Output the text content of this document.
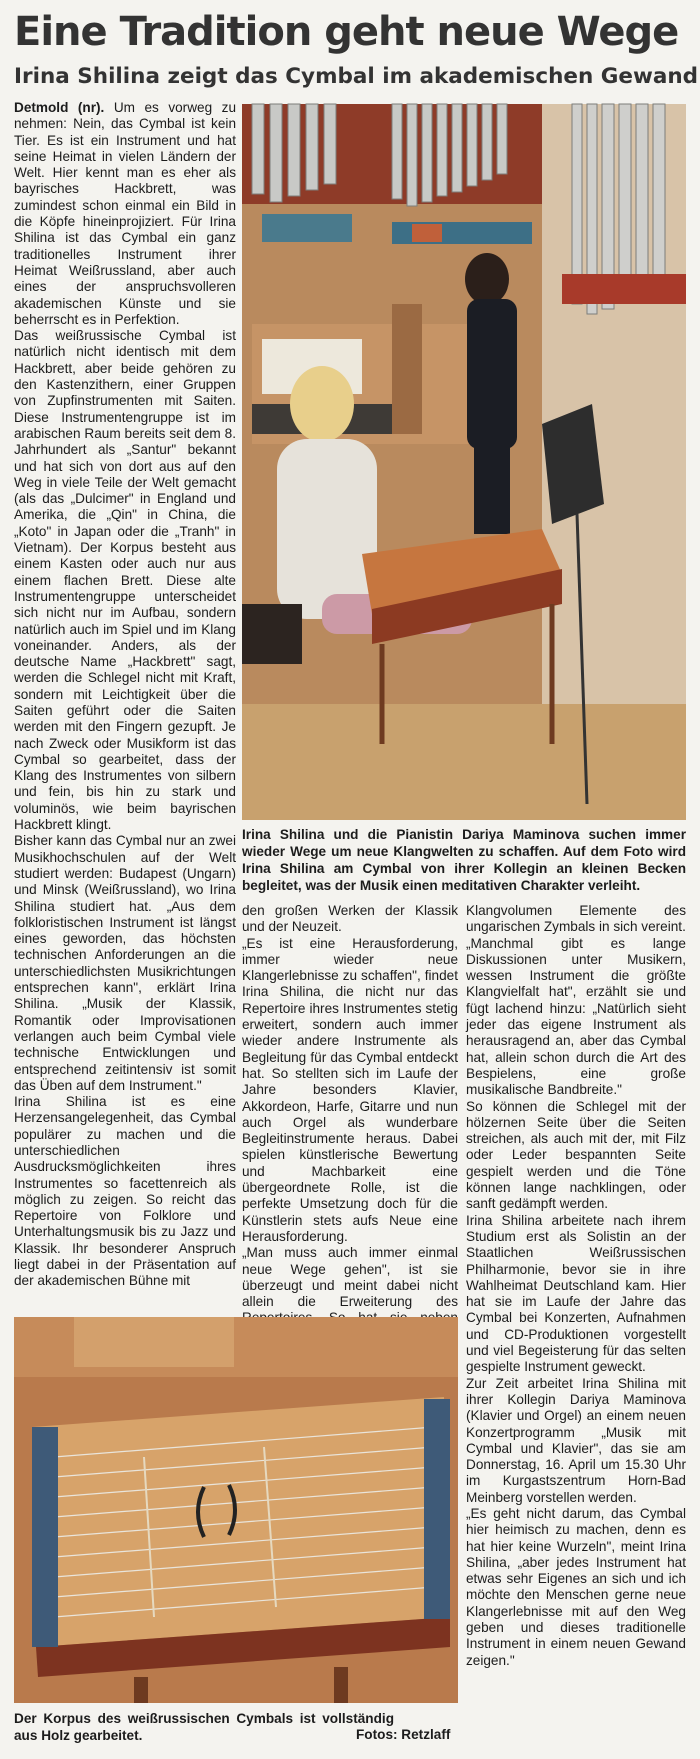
Eine Tradition geht neue Wege
Irina Shilina zeigt das Cymbal im akademischen Gewand

Detmold (nr). Um es vorweg zu nehmen: Nein, das Cymbal ist kein Tier. Es ist ein Instrument und hat seine Heimat in vielen Ländern der Welt. Hier kennt man es eher als bayrisches Hackbrett, was zumindest schon einmal ein Bild in die Köpfe hineinprojiziert. Für Irina Shilina ist das Cymbal ein ganz traditionelles Instrument ihrer Heimat Weißrussland, aber auch eines der anspruchsvolleren akademischen Künste und sie beherrscht es in Perfektion.

Das weißrussische Cymbal ist natürlich nicht identisch mit dem Hackbrett, aber beide gehören zu den Kastenzithern, einer Gruppen von Zupfinstrumenten mit Saiten. Diese Instrumentengruppe ist im arabischen Raum bereits seit dem 8. Jahrhundert als „Santur" bekannt und hat sich von dort aus auf den Weg in viele Teile der Welt gemacht (als das „Dulcimer" in England und Amerika, die „Qin" in China, die „Koto" in Japan oder die „Tranh" in Vietnam). Der Korpus besteht aus einem Kasten oder auch nur aus einem flachen Brett. Diese alte Instrumentengruppe unterscheidet sich nicht nur im Aufbau, sondern natürlich auch im Spiel und im Klang voneinander. Anders, als der deutsche Name „Hackbrett" sagt, werden die Schlegel nicht mit Kraft, sondern mit Leichtigkeit über die Saiten geführt oder die Saiten werden mit den Fingern gezupft. Je nach Zweck oder Musikform ist das Cymbal so gearbeitet, dass der Klang des Instrumentes von silbern und fein, bis hin zu stark und voluminös, wie beim bayrischen Hackbrett klingt.

Bisher kann das Cymbal nur an zwei Musikhochschulen auf der Welt studiert werden: Budapest (Ungarn) und Minsk (Weißrussland), wo Irina Shilina studiert hat. „Aus dem folkloristischen Instrument ist längst eines geworden, das höchsten technischen Anforderungen an die unterschiedlichsten Musikrichtungen entsprechen kann", erklärt Irina Shilina. „Musik der Klassik, Romantik oder Improvisationen verlangen auch beim Cymbal viele technische Entwicklungen und entsprechend zeitintensiv ist somit das Üben auf dem Instrument."

Irina Shilina ist es eine Herzensangelegenheit, das Cymbal populärer zu machen und die unterschiedlichen Ausdrucksmöglichkeiten ihres Instrumentes so facettenreich als möglich zu zeigen. So reicht das Repertoire von Folklore und Unterhaltungsmusik bis zu Jazz und Klassik. Ihr besonderer Anspruch liegt dabei in der Präsentation auf der akademischen Bühne mit

Irina Shilina und die Pianistin Dariya Maminova suchen immer wieder Wege um neue Klangwelten zu schaffen. Auf dem Foto wird Irina Shilina am Cymbal von ihrer Kollegin an kleinen Becken begleitet, was der Musik einen meditativen Charakter verleiht.

den großen Werken der Klassik und der Neuzeit.

„Es ist eine Herausforderung, immer wieder neue Klangerlebnisse zu schaffen", findet Irina Shilina, die nicht nur das Repertoire ihres Instrumentes stetig erweitert, sondern auch immer wieder andere Instrumente als Begleitung für das Cymbal entdeckt hat. So stellten sich im Laufe der Jahre besonders Klavier, Akkordeon, Harfe, Gitarre und nun auch Orgel als wunderbare Begleitinstrumente heraus. Dabei spielen künstlerische Bewertung und Machbarkeit eine übergeordnete Rolle, ist die perfekte Umsetzung doch für die Künstlerin stets aufs Neue eine Herausforderung.

„Man muss auch immer einmal neue Wege gehen", ist sie überzeugt und meint dabei nicht allein die Erweiterung des

Klangvolumen Elemente des ungarischen Zymbals in sich vereint.

„Manchmal gibt es lange Diskussionen unter Musikern, wessen Instrument die größte Klangvielfalt hat", erzählt sie und fügt lachend hinzu: „Natürlich sieht jeder das eigene Instrument als herausragend an, aber das Cymbal hat, allein schon durch die Art des Bespielens, eine große musikalische Bandbreite."

So können die Schlegel mit der hölzernen Seite über die Seiten streichen, als auch mit der, mit Filz oder Leder bespannten Seite gespielt werden und die Töne können lange nachklingen, oder sanft gedämpft werden.

Irina Shilina arbeitete nach ihrem Studium erst als Solistin an der Staatlichen Weißrussischen Philharmonie, bevor sie in ihre Wahlheimat Deutschland kam. Hier hat sie im Laufe der Jahre das Cymbal bei Konzerten, Aufnahmen und CD-Produktionen vorgestellt und viel Begeisterung für das selten gespielte Instrument geweckt.

Zur Zeit arbeitet Irina Shilina mit ihrer Kollegin Dariya Maminova (Klavier und Orgel) an einem neuen Konzertprogramm „Musik mit Cymbal und Klavier", das sie am Donnerstag, 16. April um 15.30 Uhr im Kurgastszentrum Horn-Bad Meinberg vorstellen werden.

„Es geht nicht darum, das Cymbal hier heimisch zu machen, denn es hat hier keine Wurzeln", meint Irina Shilina, „aber jedes Instrument hat etwas sehr Eigenes an sich und ich möchte den Menschen gerne neue Klangerlebnisse mit auf den Weg geben und dieses traditionelle Instrument in einem neuen Gewand zeigen."

Der Korpus des weißrussischen Cymbals ist vollständig aus Holz gearbeitet.	Fotos: Retzlaff
